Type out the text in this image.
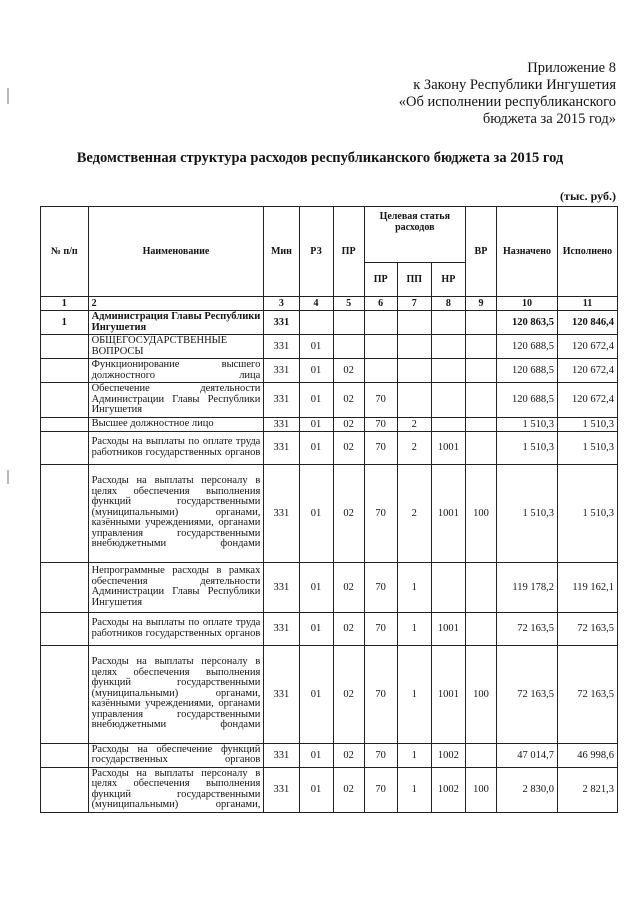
Приложение 8
к Закону Республики Ингушетия
«Об исполнении республиканского
бюджета за 2015 год»
Ведомственная структура расходов республиканского бюджета за 2015 год
(тыс. руб.)
№ п/п	Наименование	Мин	РЗ	ПР	Целевая статья расходов			ВР	Назначено	Исполнено
					ПР	ПП	НР			
1	2	3	4	5	6	7	8	9	10	11
1	Администрация Главы Республики Ингушетия	331							120 863,5	120 846,4
	ОБЩЕГОСУДАРСТВЕННЫЕ ВОПРОСЫ	331	01						120 688,5	120 672,4
	Функционирование высшего должностного лица	331	01	02					120 688,5	120 672,4
	Обеспечение деятельности Администрации Главы Республики Ингушетия	331	01	02	70				120 688,5	120 672,4
	Высшее должностное лицо	331	01	02	70	2			1 510,3	1 510,3
	Расходы на выплаты по оплате труда работников государственных органов	331	01	02	70	2	1001		1 510,3	1 510,3
	Расходы на выплаты персоналу в целях обеспечения выполнения функций государственными (муниципальными) органами, казёнными учреждениями, органами управления государственными внебюджетными фондами	331	01	02	70	2	1001	100	1 510,3	1 510,3
	Непрограммные расходы в рамках обеспечения деятельности Администрации Главы Республики Ингушетия	331	01	02	70	1			119 178,2	119 162,1
	Расходы на выплаты по оплате труда работников государственных органов	331	01	02	70	1	1001		72 163,5	72 163,5
	Расходы на выплаты персоналу в целях обеспечения выполнения функций государственными (муниципальными) органами, казёнными учреждениями, органами управления государственными внебюджетными фондами	331	01	02	70	1	1001	100	72 163,5	72 163,5
	Расходы на обеспечение функций государственных органов	331	01	02	70	1	1002		47 014,7	46 998,6
	Расходы на выплаты персоналу в целях обеспечения выполнения функций государственными (муниципальными) органами,	331	01	02	70	1	1002	100	2 830,0	2 821,3
